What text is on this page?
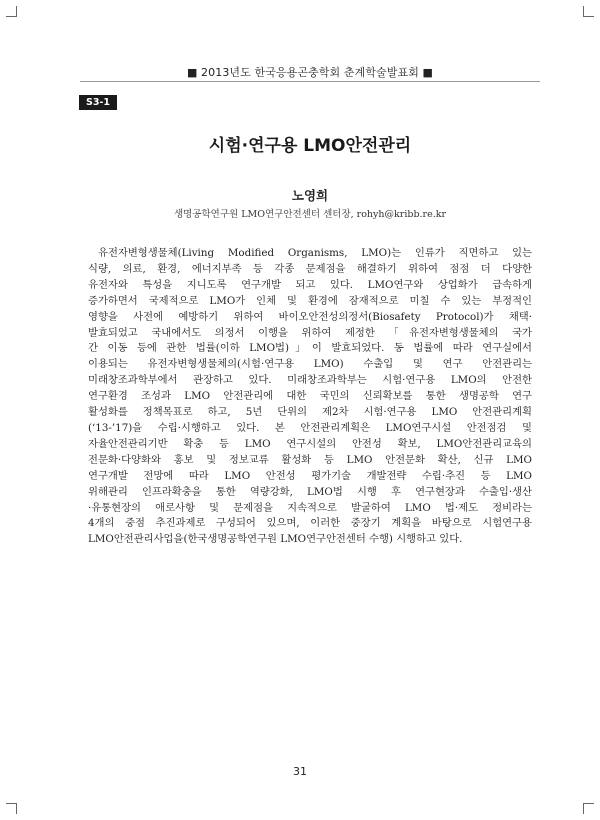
■ 2013년도 한국응용곤충학회 춘계학술발표회 ■
S3-1
시험·연구용 LMO안전관리
노영희
생명공학연구원 LMO연구안전센터 센터장, rohyh@kribb.re.kr
유전자변형생물체(Living Modified Organisms, LMO)는 인류가 직면하고 있는
식량, 의료, 환경, 에너지부족 등 각종 문제점을 해결하기 위하여 점점 더 다양한
유전자와 특성을 지니도록 연구개발 되고 있다. LMO연구와 상업화가 급속하게
증가하면서 국제적으로 LMO가 인체 및 환경에 잠재적으로 미칠 수 있는 부정적인
영향을 사전에 예방하기 위하여 바이오안전성의정서(Biosafety Protocol)가 채택·
발효되었고 국내에서도 의정서 이행을 위하여 제정한 「유전자변형생물체의 국가
간 이동 등에 관한 법률(이하 LMO법)」이 발효되었다. 동 법률에 따라 연구실에서
이용되는 유전자변형생물체의(시험·연구용 LMO) 수출입 및 연구 안전관리는
미래창조과학부에서 관장하고 있다. 미래창조과학부는 시험·연구용 LMO의 안전한
연구환경 조성과 LMO 안전관리에 대한 국민의 신뢰확보를 통한 생명공학 연구
활성화를 정책목표로 하고, 5년 단위의 제2차 시험·연구용 LMO 안전관리계획
(‘13-’17)을 수립·시행하고 있다. 본 안전관리계획은 LMO연구시설 안전점검 및
자율안전관리기반 확충 등 LMO 연구시설의 안전성 확보, LMO안전관리교육의
전문화·다양화와 홍보 및 정보교류 활성화 등 LMO 안전문화 확산, 신규 LMO
연구개발 전망에 따라 LMO 안전성 평가기술 개발전략 수립·추진 등 LMO
위해관리 인프라확충을 통한 역량강화, LMO법 시행 후 연구현장과 수출입·생산
·유통현장의 애로사항 및 문제점을 지속적으로 발굴하여 LMO 법·제도 정비라는
4개의 중점 추진과제로 구성되어 있으며, 이러한 중장기 계획을 바탕으로 시험연구용
LMO안전관리사업을(한국생명공학연구원 LMO연구안전센터 수행) 시행하고 있다.
31
